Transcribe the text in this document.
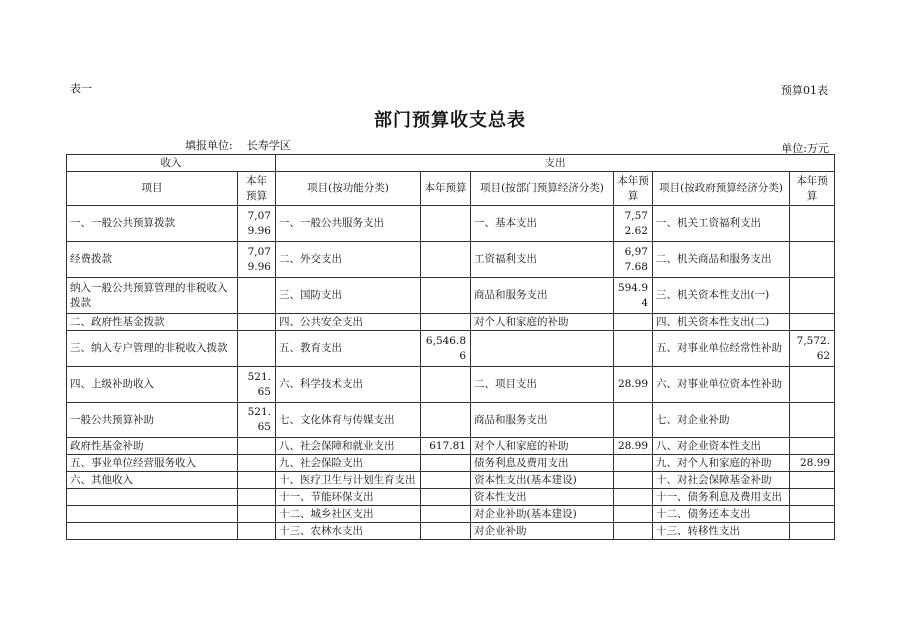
表一	预算01表
部门预算收支总表
填报单位: 长寿学区	单位:万元
收入		支出					
项目	本年预算	项目(按功能分类)	本年预算	项目(按部门预算经济分类)	本年预算	项目(按政府预算经济分类)	本年预算
一、一般公共预算拨款	7,079.96	一、一般公共服务支出		一、基本支出	7,572.62	一、机关工资福利支出	
经费拨款	7,079.96	二、外交支出		工资福利支出	6,977.68	二、机关商品和服务支出	
纳入一般公共预算管理的非税收入拨款		三、国防支出		商品和服务支出	594.94	三、机关资本性支出(一)	
二、政府性基金拨款		四、公共安全支出		对个人和家庭的补助		四、机关资本性支出(二)	
三、纳入专户管理的非税收入拨款		五、教育支出	6,546.86			五、对事业单位经常性补助	7,572.62
四、上级补助收入	521.65	六、科学技术支出		二、项目支出	28.99	六、对事业单位资本性补助	
一般公共预算补助	521.65	七、文化体育与传媒支出		商品和服务支出		七、对企业补助	
政府性基金补助		八、社会保障和就业支出	617.81	对个人和家庭的补助	28.99	八、对企业资本性支出	
五、事业单位经营服务收入		九、社会保险支出		债务利息及费用支出		九、对个人和家庭的补助	28.99
六、其他收入		十、医疗卫生与计划生育支出		资本性支出(基本建设)		十、对社会保障基金补助	
		十一、节能环保支出		资本性支出		十一、债务利息及费用支出	
		十二、城乡社区支出		对企业补助(基本建设)		十二、债务还本支出	
		十三、农林水支出		对企业补助		十三、转移性支出	
